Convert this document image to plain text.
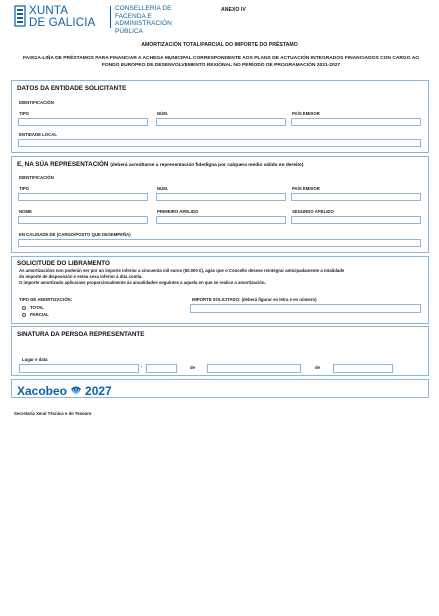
XUNTA
DE GALICIA
CONSELLERÍA DE
FACENDA E
ADMINISTRACIÓN PÚBLICA
ANEXO IV
AMORTIZACIÓN TOTAL/PARCIAL DO IMPORTE DO PRÉSTAMO
FA001A-LIÑA DE PRÉSTAMOS PARA FINANCIAR A ACHEGA MUNICIPAL CORRESPONDENTE AOS PLANS DE ACTUACIÓN INTEGRADOS FINANCIADOS CON CARGO AO
FONDO EUROPEO DE DESENVOLVEMENTO REXIONAL NO PERÍODO DE PROGRAMACIÓN 2021-2027
DATOS DA ENTIDADE SOLICITANTE
IDENTIFICACIÓN
TIPO	NÚM.	PAÍS EMISOR
ENTIDADE LOCAL
E, NA SÚA REPRESENTACIÓN (deberá acreditarse a representación fidedigna por calquera medio válido en dereito)
IDENTIFICACIÓN
TIPO	NÚM.	PAÍS EMISOR
NOME	PRIMEIRO APELIDO	SEGUNDO APELIDO
EN CALIDADE DE (CARGO/POSTO QUE DESEMPEÑA)
SOLICITUDE DO LIBRAMENTO
As amortizacións non poderán ser por un importe inferior a cincuenta mil euros (50.000 €), agás que o Concello desexe reintegrar anticipadamente a totalidade
do importe de disposición e estea sexa inferior á dita contía.
O importe amortizado aplicarase proporcionalmente ás anualidades seguintes a aquela en que se realice a amortización.
TIPO DE AMORTIZACIÓN:
TOTAL
PARCIAL
IMPORTE SOLICITADO: (deberá figurar en letra e en número)
SINATURA DA PERSOA REPRESENTANTE
Lugar e data
,	de	de
Xacobeo 2027
Secretaría Xeral Técnica e do Tesouro
